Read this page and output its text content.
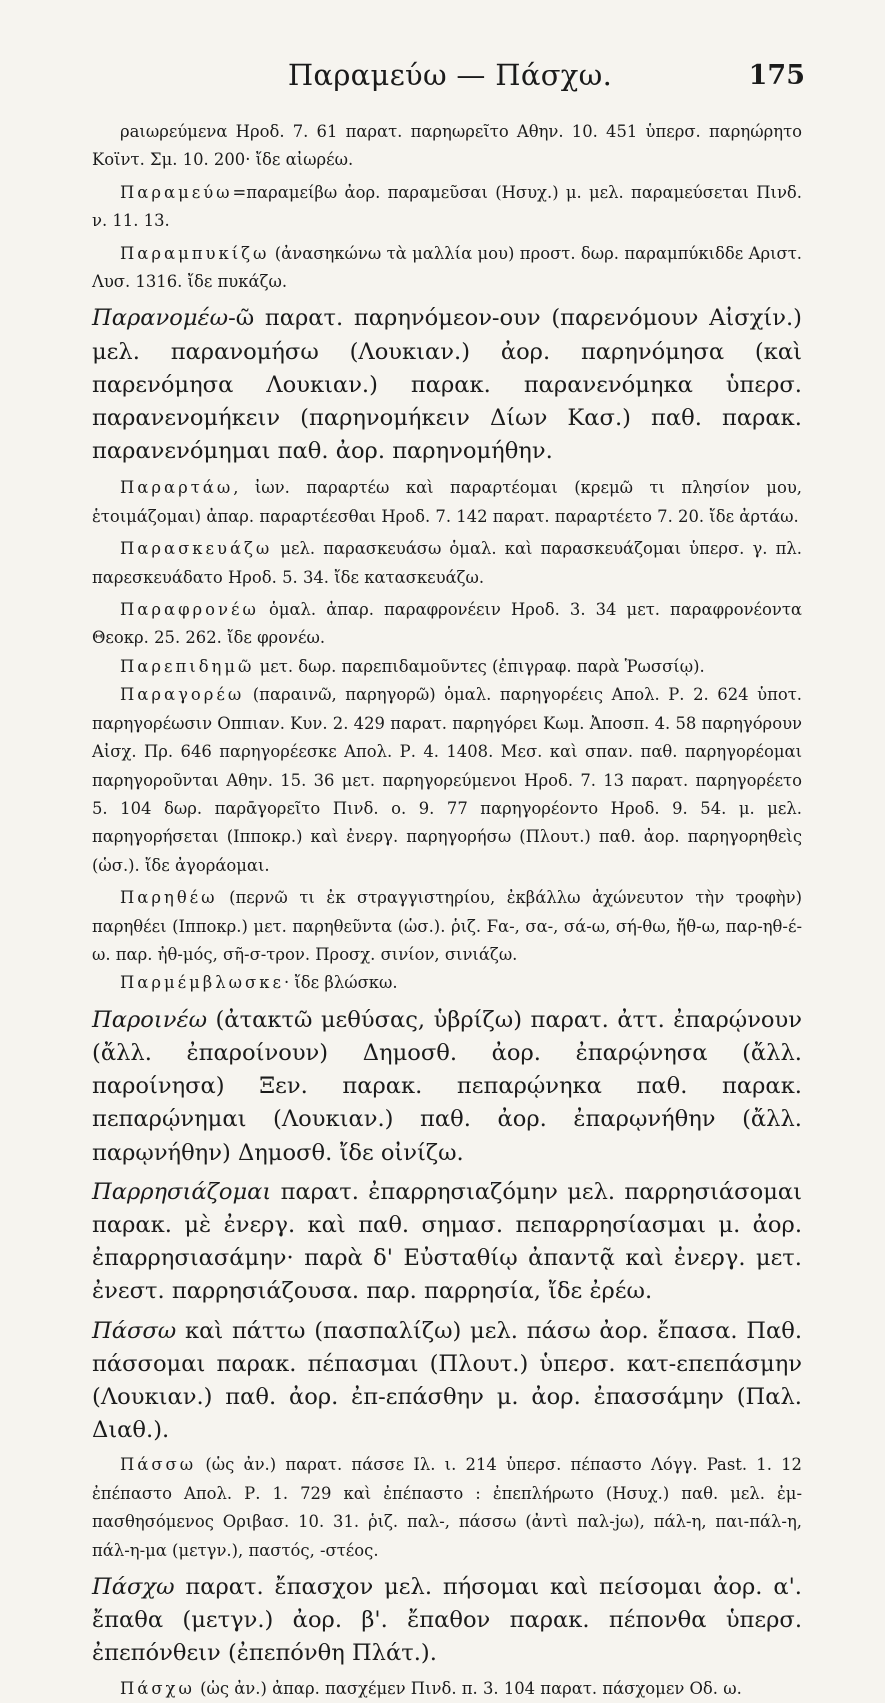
Παραμεύω — Πάσχω.	175

ρaιωρεύμενα Ηροδ. 7. 61 παρατ. παρηωρεῖτο Αθην. 10. 451 ὑπερσ. παρηώρητο Κοϊντ. Σμ. 10. 200· ἴδε αἰωρέω.

Παραμεύω=παραμείβω ἀορ. παραμεῦσαι (Ησυχ.) μ. μελ. παραμεύσεται Πινδ. ν. 11. 13.

Παραμπυκίζω (ἀνασηκώνω τὰ μαλλία μου) προστ. δωρ. παραμπύκιδδε Αριστ. Λυσ. 1316. ἴδε πυκάζω.

Παρανομέω-ῶ παρατ. παρηνόμεον-ουν (παρενόμουν Αἰσχίν.) μελ. παρανομήσω (Λουκιαν.) ἀορ. παρηνόμησα (καὶ παρενόμησα Λουκιαν.) παρακ. παρανενόμηκα ὑπερσ. παρανενομήκειν (παρηνομήκειν Δίων Κασ.) παθ. παρακ. παρανενόμημαι παθ. ἀορ. παρηνομήθην.

Παραρτάω, ἰων. παραρτέω καὶ παραρτέομαι (κρεμῶ τι πλησίον μου, ἑτοιμάζομαι) ἀπαρ. παραρτέεσθαι Ηροδ. 7. 142 παρατ. παραρτέετο 7. 20. ἴδε ἀρτάω.

Παρασκευάζω μελ. παρασκευάσω ὁμαλ. καὶ παρασκευάζομαι ὑπερσ. γ. πλ. παρεσκευάδατο Ηροδ. 5. 34. ἴδε κατασκευάζω.

Παραφρονέω ὁμαλ. ἀπαρ. παραφρονέειν Ηροδ. 3. 34 μετ. παραφρονέοντα Θεοκρ. 25. 262. ἴδε φρονέω.

Παρεπιδημῶ μετ. δωρ. παρεπιδαμοῦντες (ἐπιγραφ. παρὰ Ῥωσσίῳ).

Παραγορέω (παραινῶ, παρηγορῶ) ὁμαλ. παρηγορέεις Απολ. Ρ. 2. 624 ὑποτ. παρηγορέωσιν Οππιαν. Κυν. 2. 429 παρατ. παρηγόρει Κωμ. Ἀποσπ. 4. 58 παρηγόρουν Αἰσχ. Πρ. 646 παρηγορέεσκε Απολ. Ρ. 4. 1408. Μεσ. καὶ σπαν. παθ. παρηγορέομαι παρηγοροῦνται Αθην. 15. 36 μετ. παρηγορεύμενοι Ηροδ. 7. 13 παρατ. παρηγορέετο 5. 104 δωρ. παρᾱγορεῖτο Πινδ. ο. 9. 77 παρηγορέοντο Ηροδ. 9. 54. μ. μελ. παρηγορήσεται (Ιπποκρ.) καὶ ἐνεργ. παρηγορήσω (Πλουτ.) παθ. ἀορ. παρηγορηθεὶς (ὡσ.). ἴδε ἀγοράομαι.

Παρηθέω (περνῶ τι ἐκ στραγγιστηρίου, ἐκβάλλω ἀχώνευτον τὴν τροφὴν) παρηθέει (Ιπποκρ.) μετ. παρηθεῦντα (ὡσ.). ῥιζ. Ϝα-, σα-, σά-ω, σή-θω, ἤθ-ω, παρ-ηθ-έ-ω. παρ. ἠθ-μός, σῆ-σ-τρον. Προσχ. σινίον, σινιάζω.

Παρμέμβλωσκε· ἴδε βλώσκω.

Παροινέω (ἀτακτῶ μεθύσας, ὑβρίζω) παρατ. ἀττ. ἐπαρῴνουν (ἄλλ. ἐπαροίνουν) Δημοσθ. ἀορ. ἐπαρῴνησα (ἄλλ. παροίνησα) Ξεν. παρακ. πεπαρῴνηκα παθ. παρακ. πεπαρῴνημαι (Λουκιαν.) παθ. ἀορ. ἐπαρῳνήθην (ἄλλ. παρῳνήθην) Δημοσθ. ἴδε οἰνίζω.

Παρρησιάζομαι παρατ. ἐπαρρησιαζόμην μελ. παρρησιάσομαι παρακ. μὲ ἐνεργ. καὶ παθ. σημασ. πεπαρρησίασμαι μ. ἀορ. ἐπαρρησιασάμην· παρὰ δ' Εὐσταθίῳ ἀπαντᾷ καὶ ἐνεργ. μετ. ἐνεστ. παρρησιάζουσα. παρ. παρρησία, ἴδε ἐρέω.

Πάσσω καὶ πάττω (πασπαλίζω) μελ. πάσω ἀορ. ἔπασα. Παθ. πάσσομαι παρακ. πέπασμαι (Πλουτ.) ὑπερσ. κατ-επεπάσμην (Λουκιαν.) παθ. ἀορ. ἐπ-επάσθην μ. ἀορ. ἐπασσάμην (Παλ. Διαθ.).

Πάσσω (ὡς ἀν.) παρατ. πάσσε Ιλ. ι. 214 ὑπερσ. πέπαστο Λόγγ. Past. 1. 12 ἐπέπαστο Απολ. Ρ. 1. 729 καὶ ἐπέπαστο : ἐπεπλήρωτο (Ησυχ.) παθ. μελ. ἐμ-πασθησόμενος Οριβασ. 10. 31. ῥιζ. παλ-, πάσσω (ἀντὶ παλ-jω), πάλ-η, παι-πάλ-η, πάλ-η-μα (μετγν.), παστός, -στέος.

Πάσχω παρατ. ἔπασχον μελ. πήσομαι καὶ πείσομαι ἀορ. α'. ἔπαθα (μετγν.) ἀορ. β'. ἔπαθον παρακ. πέπονθα ὑπερσ. ἐπεπόνθειν (ἐπεπόνθη Πλάτ.).

Πάσχω (ὡς ἀν.) ἀπαρ. πασχέμεν Πινδ. π. 3. 104 παρατ. πάσχομεν Οδ. ω.
